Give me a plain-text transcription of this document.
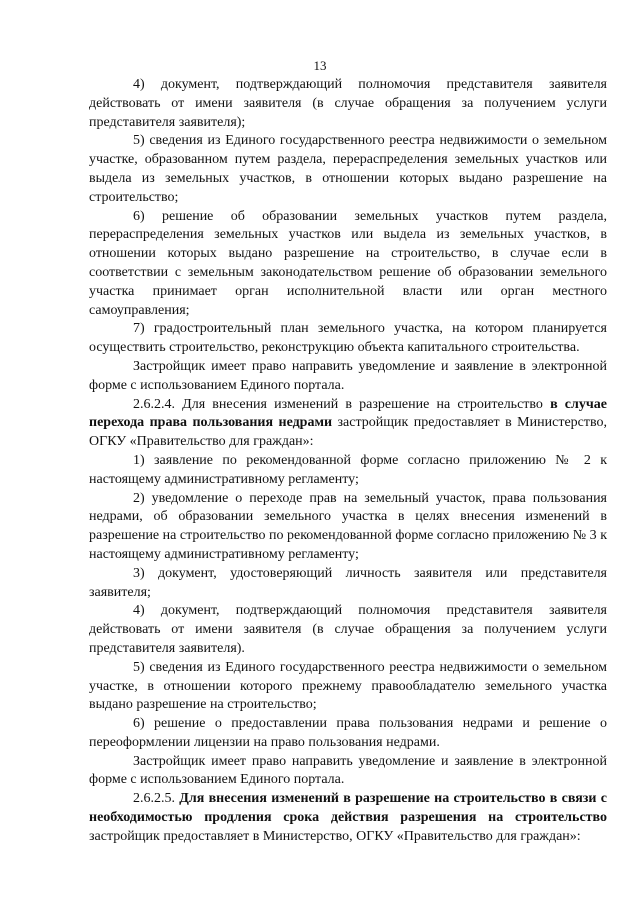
13

4) документ, подтверждающий полномочия представителя заявителя действовать от имени заявителя (в случае обращения за получением услуги представителя заявителя);

5) сведения из Единого государственного реестра недвижимости о земельном участке, образованном путем раздела, перераспределения земельных участков или выдела из земельных участков, в отношении которых выдано разрешение на строительство;

6) решение об образовании земельных участков путем раздела, перераспределения земельных участков или выдела из земельных участков, в отношении которых выдано разрешение на строительство, в случае если в соответствии с земельным законодательством решение об образовании земельного участка принимает орган исполнительной власти или орган местного самоуправления;

7) градостроительный план земельного участка, на котором планируется осуществить строительство, реконструкцию объекта капитального строительства.

Застройщик имеет право направить уведомление и заявление в электронной форме с использованием Единого портала.

2.6.2.4. Для внесения изменений в разрешение на строительство в случае перехода права пользования недрами застройщик предоставляет в Министерство, ОГКУ «Правительство для граждан»:

1) заявление по рекомендованной форме согласно приложению № 2 к настоящему административному регламенту;

2) уведомление о переходе прав на земельный участок, права пользования недрами, об образовании земельного участка в целях внесения изменений в разрешение на строительство по рекомендованной форме согласно приложению № 3 к настоящему административному регламенту;

3) документ, удостоверяющий личность заявителя или представителя заявителя;

4) документ, подтверждающий полномочия представителя заявителя действовать от имени заявителя (в случае обращения за получением услуги представителя заявителя).

5) сведения из Единого государственного реестра недвижимости о земельном участке, в отношении которого прежнему правообладателю земельного участка выдано разрешение на строительство;

6) решение о предоставлении права пользования недрами и решение о переоформлении лицензии на право пользования недрами.

Застройщик имеет право направить уведомление и заявление в электронной форме с использованием Единого портала.

2.6.2.5. Для внесения изменений в разрешение на строительство в связи с необходимостью продления срока действия разрешения на строительство застройщик предоставляет в Министерство, ОГКУ «Правительство для граждан»:
